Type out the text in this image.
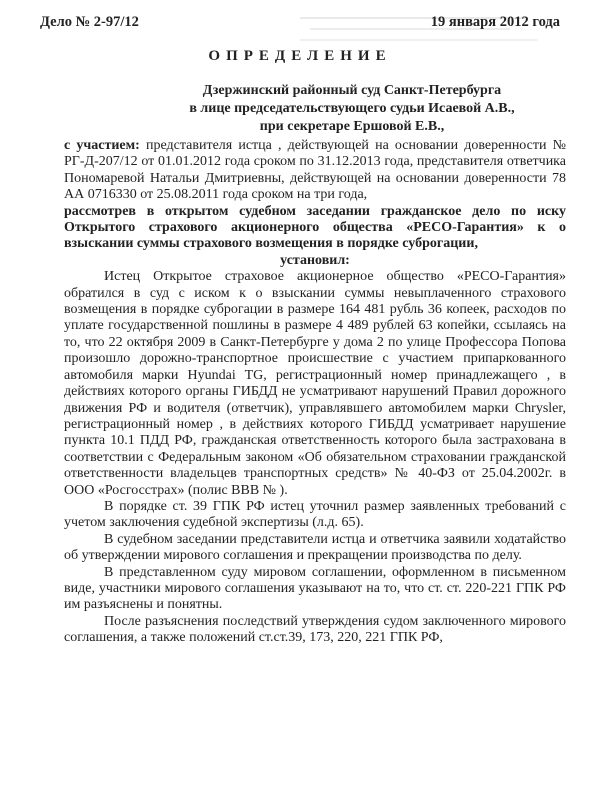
Дело № 2-97/12	19 января 2012 года
ОПРЕДЕЛЕНИЕ
Дзержинский районный суд Санкт-Петербурга
в лице председательствующего судьи Исаевой А.В.,
при секретаре Ершовой Е.В.,

с участием: представителя истца , действующей на основании доверенности № РГ-Д-207/12 от 01.01.2012 года сроком по 31.12.2013 года, представителя ответчика Пономаревой Натальи Дмитриевны, действующей на основании доверенности 78 АА 0716330 от 25.08.2011 года сроком на три года,

рассмотрев в открытом судебном заседании гражданское дело по иску Открытого страхового акционерного общества «РЕСО-Гарантия» к о взыскании суммы страхового возмещения в порядке суброгации,

установил:

Истец Открытое страховое акционерное общество «РЕСО-Гарантия» обратился в суд с иском к о взыскании суммы невыплаченного страхового возмещения в порядке суброгации в размере 164 481 рубль 36 копеек, расходов по уплате государственной пошлины в размере 4 489 рублей 63 копейки, ссылаясь на то, что 22 октября 2009 в Санкт-Петербурге у дома 2 по улице Профессора Попова произошло дорожно-транспортное происшествие с участием припаркованного автомобиля марки Hyundai TG, регистрационный номер принадлежащего , в действиях которого органы ГИБДД не усматривают нарушений Правил дорожного движения РФ и водителя (ответчик), управлявшего автомобилем марки Chrysler, регистрационный номер , в действиях которого ГИБДД усматривает нарушение пункта 10.1 ПДД РФ, гражданская ответственность которого была застрахована в соответствии с Федеральным законом «Об обязательном страховании гражданской ответственности владельцев транспортных средств» № 40-ФЗ от 25.04.2002г. в ООО «Росгосстрах» (полис ВВВ № ).

В порядке ст. 39 ГПК РФ истец уточнил размер заявленных требований с учетом заключения судебной экспертизы (л.д. 65).

В судебном заседании представители истца и ответчика заявили ходатайство об утверждении мирового соглашения и прекращении производства по делу.

В представленном суду мировом соглашении, оформленном в письменном виде, участники мирового соглашения указывают на то, что ст. ст. 220-221 ГПК РФ им разъяснены и понятны.

После разъяснения последствий утверждения судом заключенного мирового соглашения, а также положений ст.ст.39, 173, 220, 221 ГПК РФ,
